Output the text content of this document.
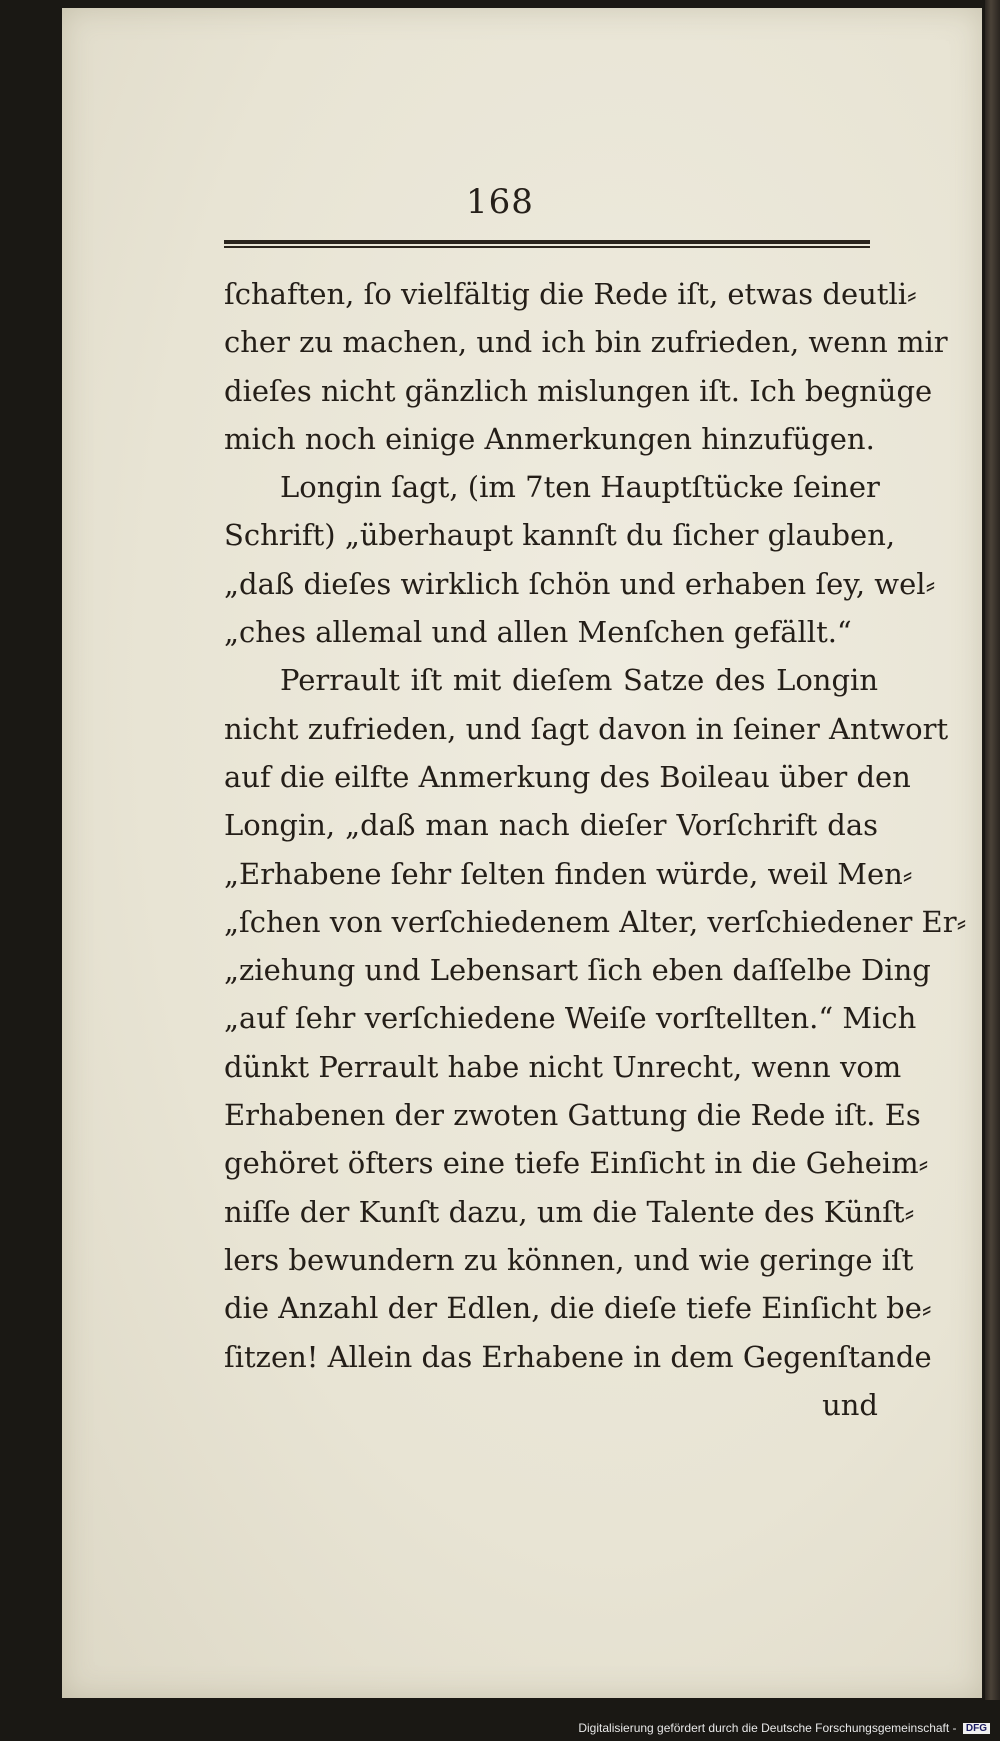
168
ſchaften, ſo vielfältig die Rede iſt, etwas deutli⸗
cher zu machen, und ich bin zufrieden, wenn mir
dieſes nicht gänzlich mislungen iſt. Ich begnüge
mich noch einige Anmerkungen hinzufügen.
Longin ſagt, (im 7ten Hauptſtücke ſeiner
Schrift) „überhaupt kannſt du ſicher glauben,
„daß dieſes wirklich ſchön und erhaben ſey, wel⸗
„ches allemal und allen Menſchen gefällt.“
Perrault iſt mit dieſem Satze des Longin
nicht zufrieden, und ſagt davon in ſeiner Antwort
auf die eilfte Anmerkung des Boileau über den
Longin, „daß man nach dieſer Vorſchrift das
„Erhabene ſehr ſelten finden würde, weil Men⸗
„ſchen von verſchiedenem Alter, verſchiedener Er⸗
„ziehung und Lebensart ſich eben daſſelbe Ding
„auf ſehr verſchiedene Weiſe vorſtellten.“ Mich
dünkt Perrault habe nicht Unrecht, wenn vom
Erhabenen der zwoten Gattung die Rede iſt. Es
gehöret öfters eine tiefe Einſicht in die Geheim⸗
niſſe der Kunſt dazu, um die Talente des Künſt⸗
lers bewundern zu können, und wie geringe iſt
die Anzahl der Edlen, die dieſe tiefe Einſicht be⸗
ſitzen! Allein das Erhabene in dem Gegenſtande
und
Digitalisierung gefördert durch die Deutsche Forschungsgemeinschaft - DFG
